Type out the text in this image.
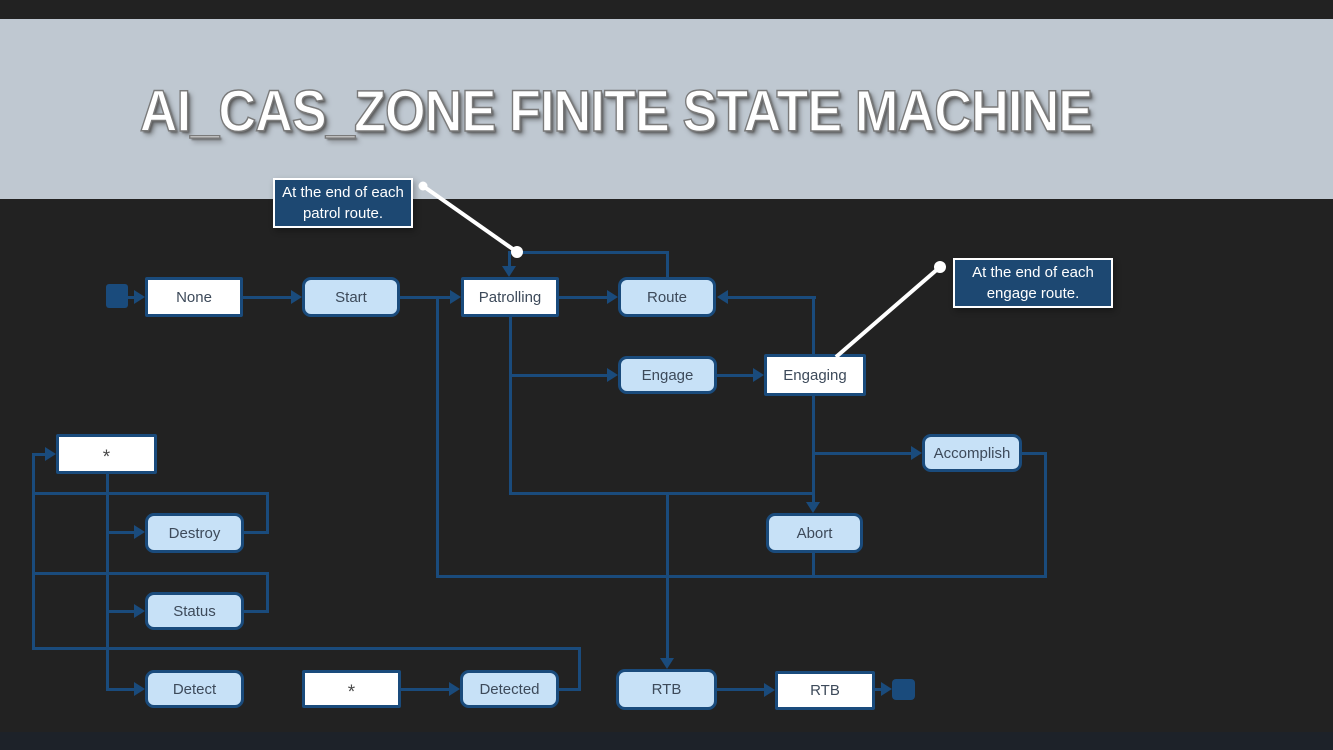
AI_CAS_ZONE FINITE STATE MACHINE
None	Start	Patrolling	Route
Engage	Engaging
Accomplish
Abort
*
Destroy
Status
Detect	*	Detected	RTB	RTB
At the end of each patrol route.
At the end of each engage route.
